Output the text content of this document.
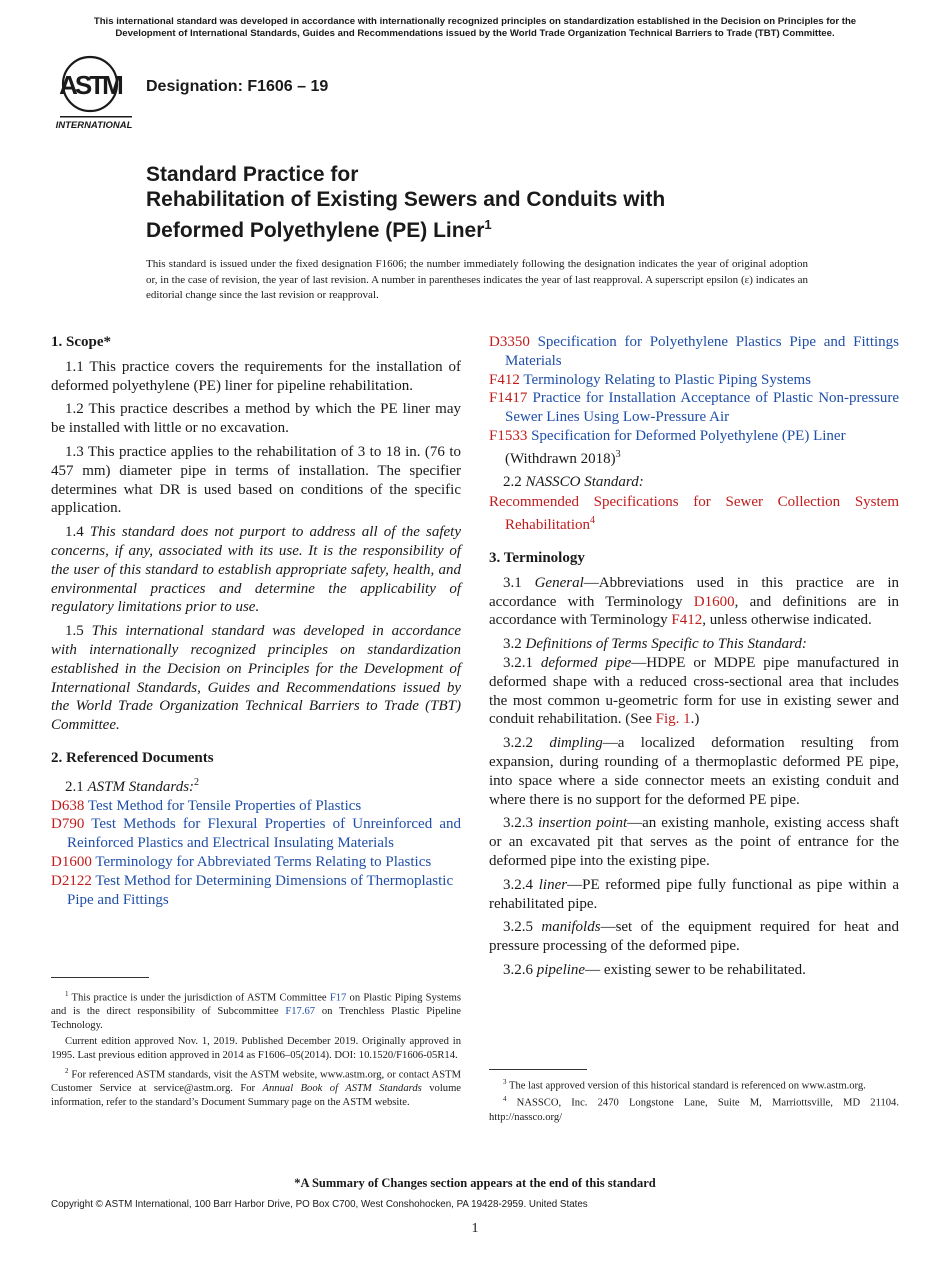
This international standard was developed in accordance with internationally recognized principles on standardization established in the Decision on Principles for the
Development of International Standards, Guides and Recommendations issued by the World Trade Organization Technical Barriers to Trade (TBT) Committee.
ASTM
INTERNATIONAL
Designation: F1606 – 19
Standard Practice for
Rehabilitation of Existing Sewers and Conduits with
Deformed Polyethylene (PE) Liner$^1$
This standard is issued under the fixed designation F1606; the number immediately following the designation indicates the year of original adoption or, in the case of revision, the year of last revision. A number in parentheses indicates the year of last reapproval. A superscript epsilon (ε) indicates an editorial change since the last revision or reapproval.
1. Scope*

1.1 This practice covers the requirements for the installation of deformed polyethylene (PE) liner for pipeline rehabilitation.

1.2 This practice describes a method by which the PE liner may be installed with little or no excavation.

1.3 This practice applies to the rehabilitation of 3 to 18 in. (76 to 457 mm) diameter pipe in terms of installation. The specifier determines what DR is used based on conditions of the specific application.

1.4 This standard does not purport to address all of the safety concerns, if any, associated with its use. It is the responsibility of the user of this standard to establish appropriate safety, health, and environmental practices and determine the applicability of regulatory limitations prior to use.

1.5 This international standard was developed in accordance with internationally recognized principles on standardization established in the Decision on Principles for the Development of International Standards, Guides and Recommendations issued by the World Trade Organization Technical Barriers to Trade (TBT) Committee.

2. Referenced Documents

2.1 ASTM Standards:$^2$

D638 Test Method for Tensile Properties of Plastics

D790 Test Methods for Flexural Properties of Unreinforced and Reinforced Plastics and Electrical Insulating Materials

D1600 Terminology for Abbreviated Terms Relating to Plastics

D2122 Test Method for Determining Dimensions of Thermoplastic Pipe and Fittings

$^1$ This practice is under the jurisdiction of ASTM Committee F17 on Plastic Piping Systems and is the direct responsibility of Subcommittee F17.67 on Trenchless Plastic Pipeline Technology.

Current edition approved Nov. 1, 2019. Published December 2019. Originally approved in 1995. Last previous edition approved in 2014 as F1606–05(2014). DOI: 10.1520/F1606-05R14.

$^2$ For referenced ASTM standards, visit the ASTM website, www.astm.org, or contact ASTM Customer Service at service@astm.org. For Annual Book of ASTM Standards volume information, refer to the standard’s Document Summary page on the ASTM website.

D3350 Specification for Polyethylene Plastics Pipe and Fittings Materials

F412 Terminology Relating to Plastic Piping Systems

F1417 Practice for Installation Acceptance of Plastic Non-pressure Sewer Lines Using Low-Pressure Air

F1533 Specification for Deformed Polyethylene (PE) Liner (Withdrawn 2018)$^3$

2.2 NASSCO Standard:

Recommended Specifications for Sewer Collection System Rehabilitation$^4$

3. Terminology

3.1 General—Abbreviations used in this practice are in accordance with Terminology D1600, and definitions are in accordance with Terminology F412, unless otherwise indicated.

3.2 Definitions of Terms Specific to This Standard:

3.2.1 deformed pipe—HDPE or MDPE pipe manufactured in deformed shape with a reduced cross-sectional area that includes the most common u-geometric form for use in existing sewer and conduit rehabilitation. (See Fig. 1.)

3.2.2 dimpling—a localized deformation resulting from expansion, during rounding of a thermoplastic deformed PE pipe, into space where a side connector meets an existing conduit and where there is no support for the deformed PE pipe.

3.2.3 insertion point—an existing manhole, existing access shaft or an excavated pit that serves as the point of entrance for the deformed pipe into the existing pipe.

3.2.4 liner—PE reformed pipe fully functional as pipe within a rehabilitated pipe.

3.2.5 manifolds—set of the equipment required for heat and pressure processing of the deformed pipe.

3.2.6 pipeline— existing sewer to be rehabilitated.

$^3$ The last approved version of this historical standard is referenced on www.astm.org.

$^4$ NASSCO, Inc. 2470 Longstone Lane, Suite M, Marriottsville, MD 21104. http://nassco.org/

*A Summary of Changes section appears at the end of this standard
Copyright © ASTM International, 100 Barr Harbor Drive, PO Box C700, West Conshohocken, PA 19428-2959. United States
1
